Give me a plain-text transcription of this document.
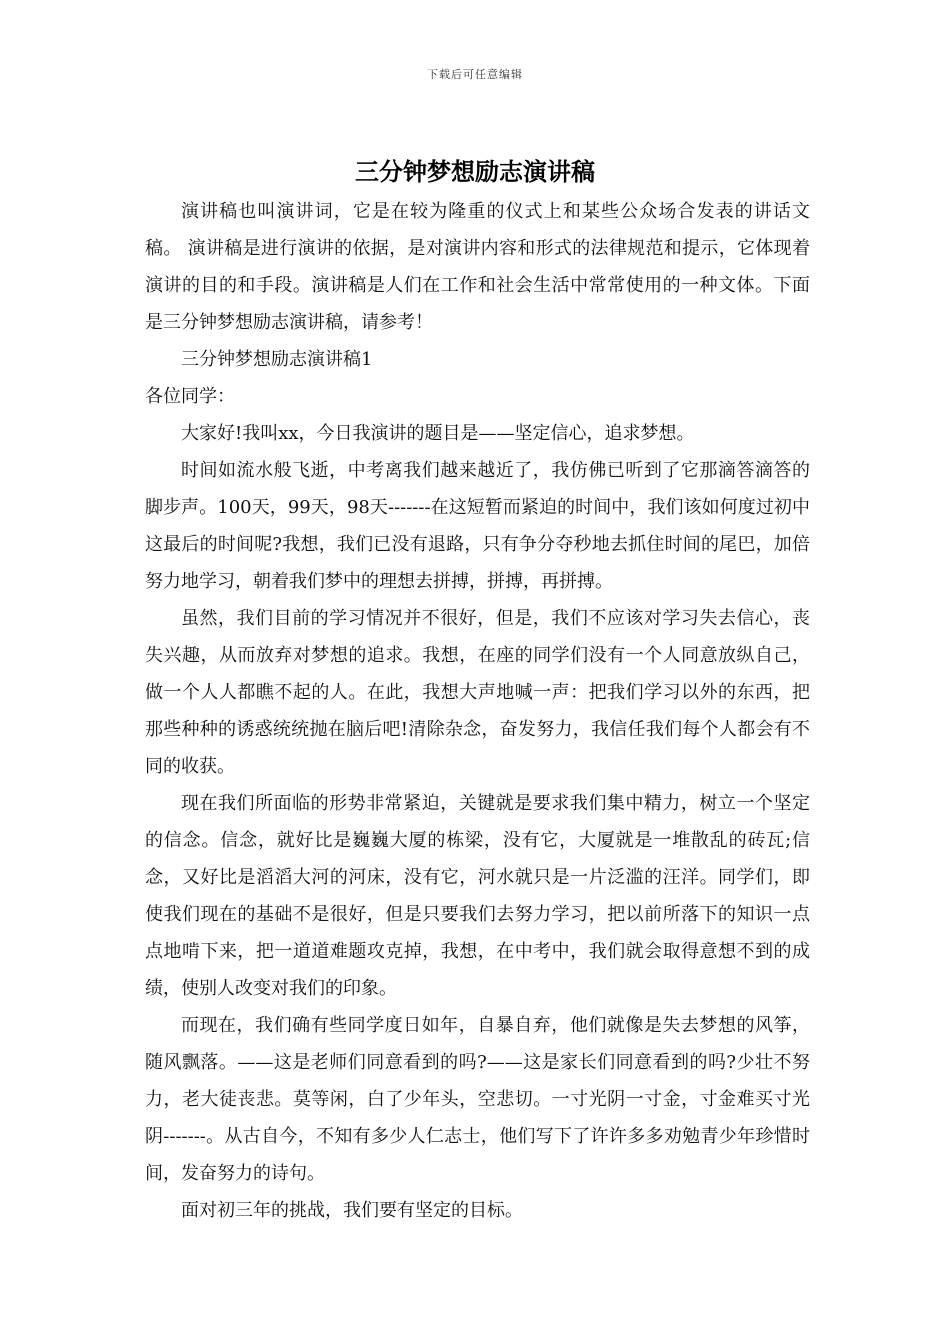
下载后可任意编辑
三分钟梦想励志演讲稿

演讲稿也叫演讲词，它是在较为隆重的仪式上和某些公众场合发表的讲话文稿。 演讲稿是进行演讲的依据，是对演讲内容和形式的法律规范和提示，它体现着演讲的目的和手段。演讲稿是人们在工作和社会生活中常常使用的一种文体。下面是三分钟梦想励志演讲稿，请参考！

三分钟梦想励志演讲稿1

各位同学：

大家好!我叫xx，今日我演讲的题目是——坚定信心，追求梦想。

时间如流水般飞逝，中考离我们越来越近了，我仿佛已听到了它那滴答滴答的脚步声。100天，99天，98天-------在这短暂而紧迫的时间中，我们该如何度过初中这最后的时间呢?我想，我们已没有退路，只有争分夺秒地去抓住时间的尾巴，加倍努力地学习，朝着我们梦中的理想去拼搏，拼搏，再拼搏。

虽然，我们目前的学习情况并不很好，但是，我们不应该对学习失去信心，丧失兴趣，从而放弃对梦想的追求。我想，在座的同学们没有一个人同意放纵自己，做一个人人都瞧不起的人。在此，我想大声地喊一声：把我们学习以外的东西，把那些种种的诱惑统统抛在脑后吧!清除杂念，奋发努力，我信任我们每个人都会有不同的收获。

现在我们所面临的形势非常紧迫，关键就是要求我们集中精力，树立一个坚定的信念。信念，就好比是巍巍大厦的栋梁，没有它，大厦就是一堆散乱的砖瓦;信念，又好比是滔滔大河的河床，没有它，河水就只是一片泛滥的汪洋。同学们，即使我们现在的基础不是很好，但是只要我们去努力学习，把以前所落下的知识一点点地啃下来，把一道道难题攻克掉，我想，在中考中，我们就会取得意想不到的成绩，使别人改变对我们的印象。

而现在，我们确有些同学度日如年，自暴自弃，他们就像是失去梦想的风筝，随风飘落。——这是老师们同意看到的吗?——这是家长们同意看到的吗?少壮不努力，老大徒丧悲。莫等闲，白了少年头，空悲切。一寸光阴一寸金，寸金难买寸光阴-------。从古自今，不知有多少人仁志士，他们写下了许许多多劝勉青少年珍惜时间，发奋努力的诗句。

面对初三年的挑战，我们要有坚定的目标。
